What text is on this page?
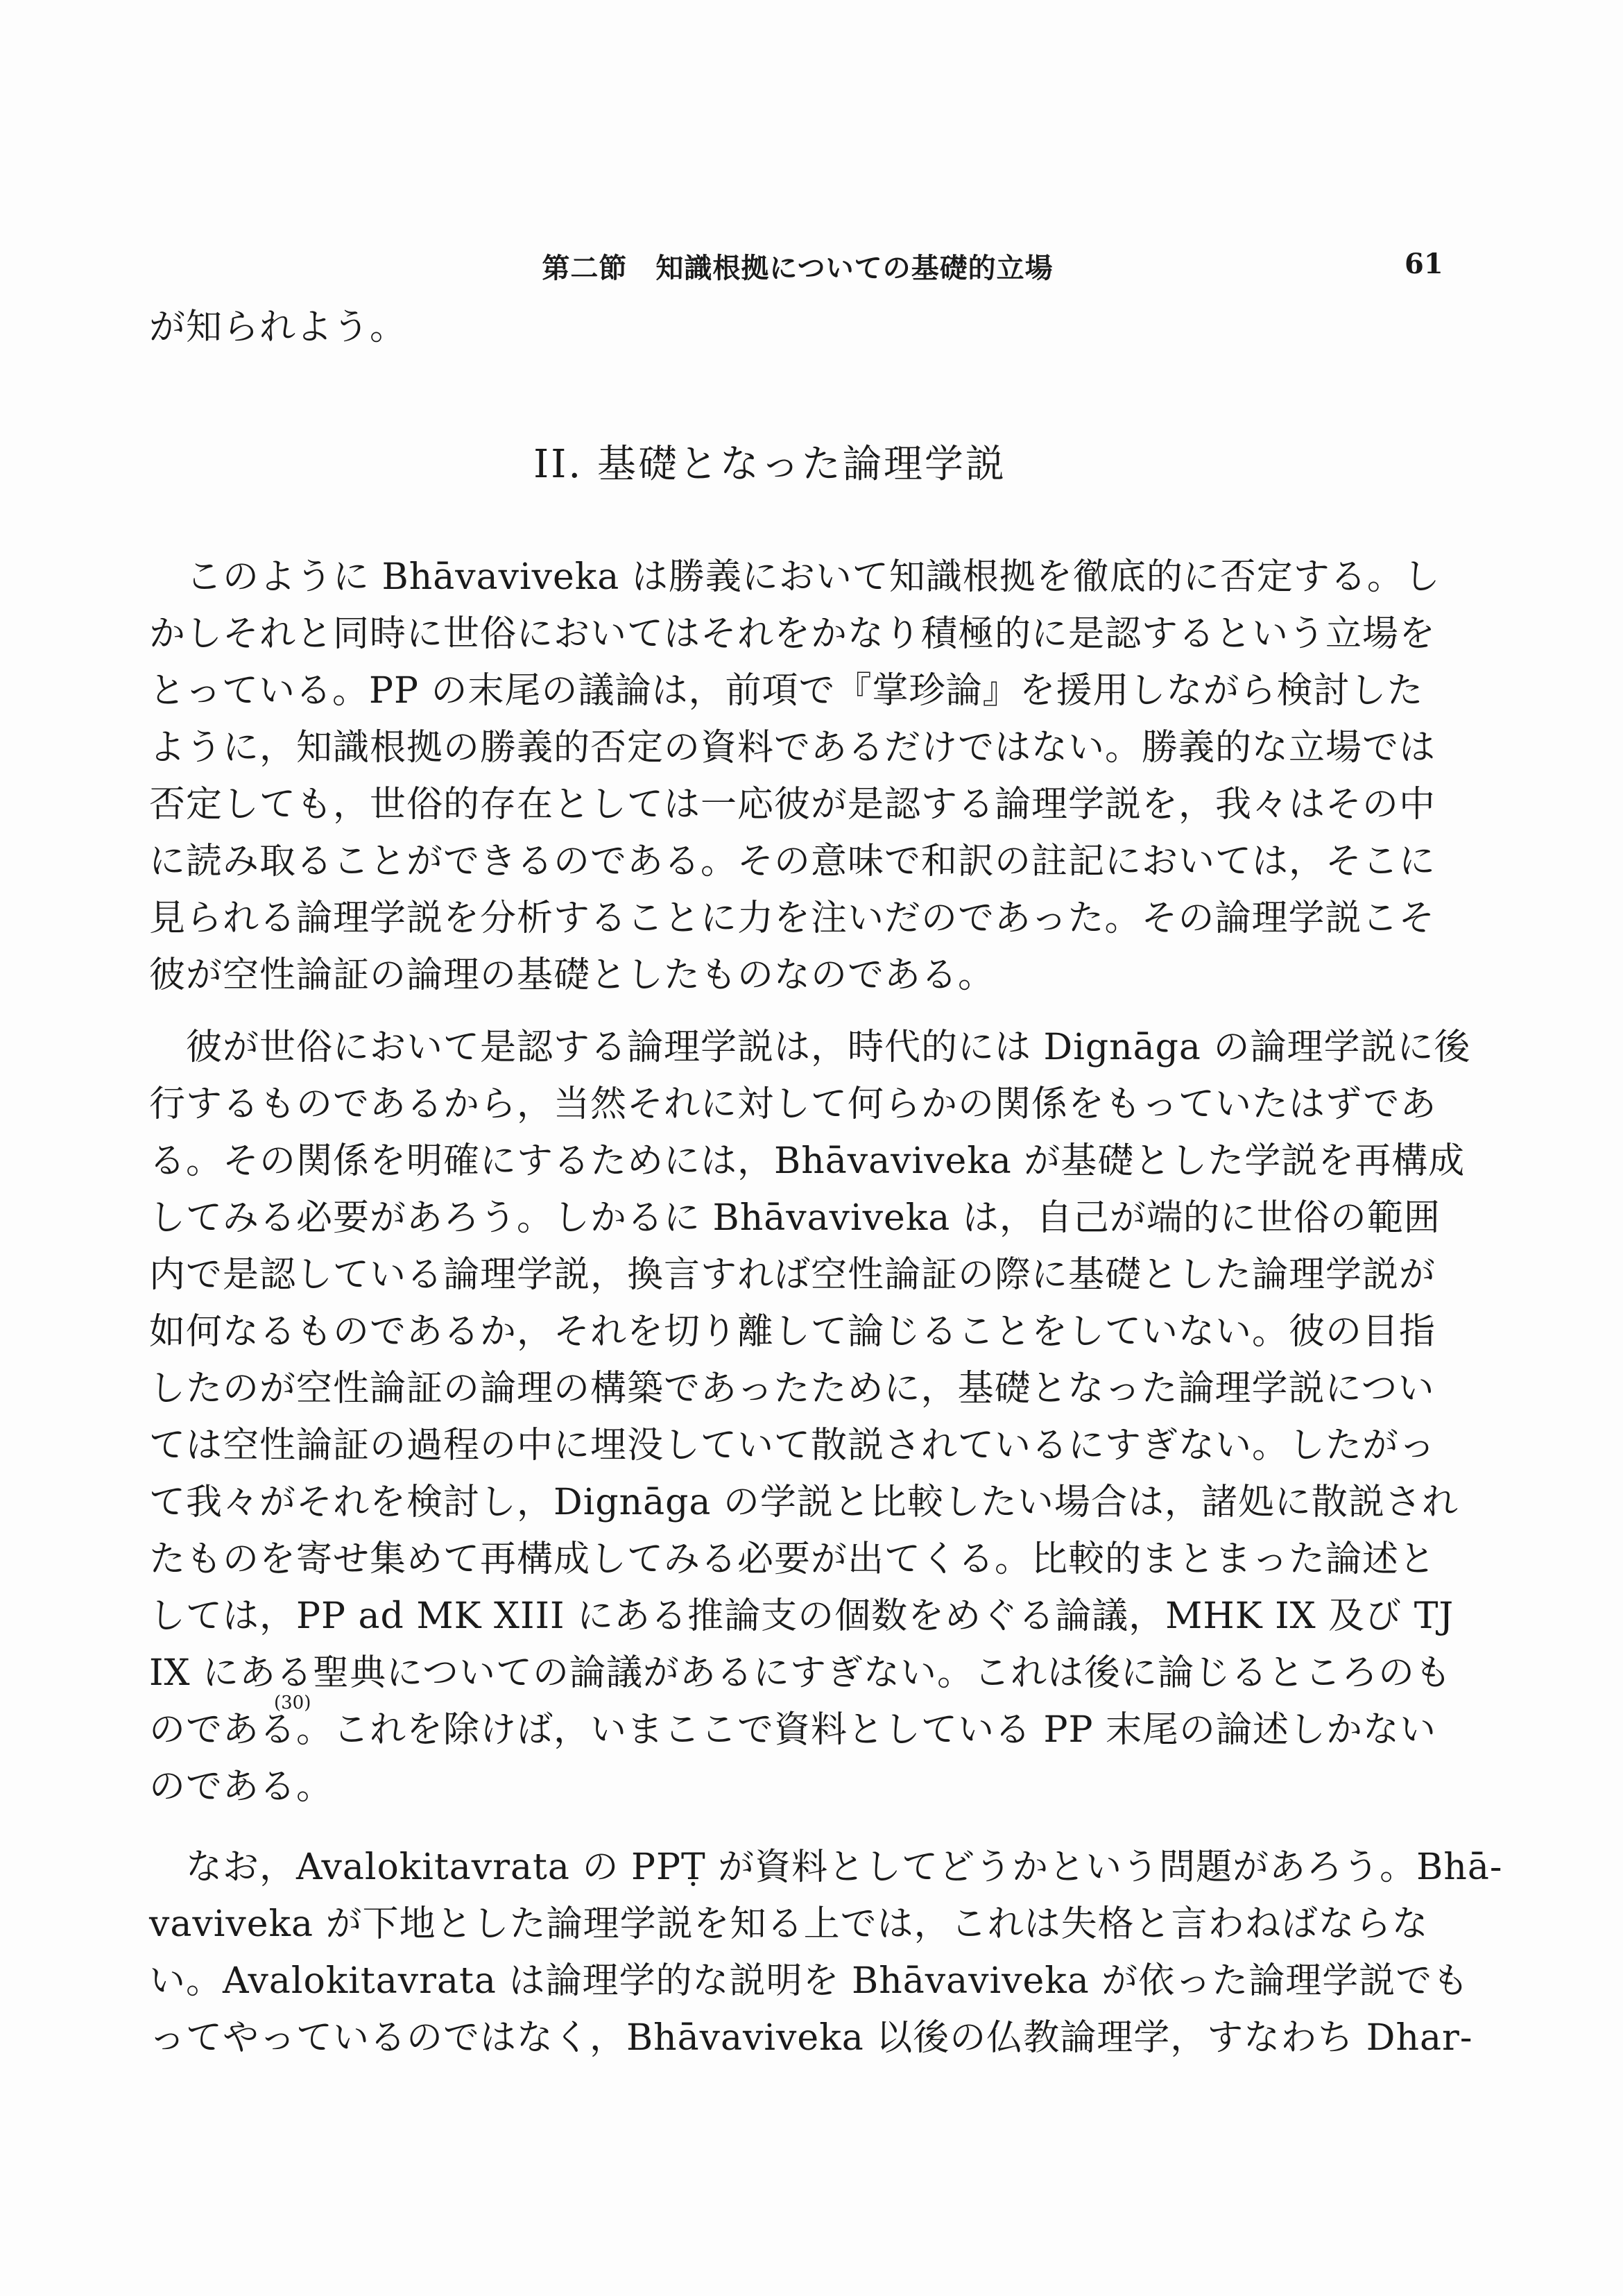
第二節　知識根拠についての基礎的立場	61
が知られよう。
II. 基礎となった論理学説
　このように Bhāvaviveka は勝義において知識根拠を徹底的に否定する。し
かしそれと同時に世俗においてはそれをかなり積極的に是認するという立場を
とっている。PP の末尾の議論は，前項で『掌珍論』を援用しながら検討した
ように，知識根拠の勝義的否定の資料であるだけではない。勝義的な立場では
否定しても，世俗的存在としては一応彼が是認する論理学説を，我々はその中
に読み取ることができるのである。その意味で和訳の註記においては，そこに
見られる論理学説を分析することに力を注いだのであった。その論理学説こそ
彼が空性論証の論理の基礎としたものなのである。
　彼が世俗において是認する論理学説は，時代的には Dignāga の論理学説に後
行するものであるから，当然それに対して何らかの関係をもっていたはずであ
る。その関係を明確にするためには，Bhāvaviveka が基礎とした学説を再構成
してみる必要があろう。しかるに Bhāvaviveka は，自己が端的に世俗の範囲
内で是認している論理学説，換言すれば空性論証の際に基礎とした論理学説が
如何なるものであるか，それを切り離して論じることをしていない。彼の目指
したのが空性論証の論理の構築であったために，基礎となった論理学説につい
ては空性論証の過程の中に埋没していて散説されているにすぎない。したがっ
て我々がそれを検討し，Dignāga の学説と比較したい場合は，諸処に散説され
たものを寄せ集めて再構成してみる必要が出てくる。比較的まとまった論述と
しては，PP ad MK XIII にある推論支の個数をめぐる論議，MHK IX 及び TJ
IX にある聖典についての論議があるにすぎない。これは後に論じるところのも
のである。これを除けば，いまここで資料としている PP 末尾の論述しかない
のである。
　なお，Avalokitavrata の PPṬ が資料としてどうかという問題があろう。Bhā-
vaviveka が下地とした論理学説を知る上では，これは失格と言わねばならな
い。Avalokitavrata は論理学的な説明を Bhāvaviveka が依った論理学説でも
ってやっているのではなく，Bhāvaviveka 以後の仏教論理学，すなわち Dhar-
(30)
